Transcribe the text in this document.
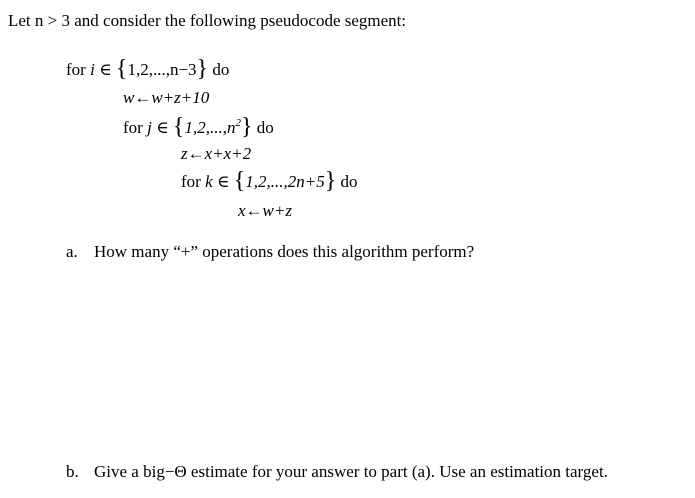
Let n > 3 and consider the following pseudocode segment:
for i ∈ {1,2,...,n−3} do
w←w+z+10
for j ∈ $\{1,2,...,n^2\}$ do
z←x+x+2
for k ∈ {1,2,...,2n+5} do
x←w+z
a. How many “+” operations does this algorithm perform?
b. Give a big−Θ estimate for your answer to part (a). Use an estimation target.
